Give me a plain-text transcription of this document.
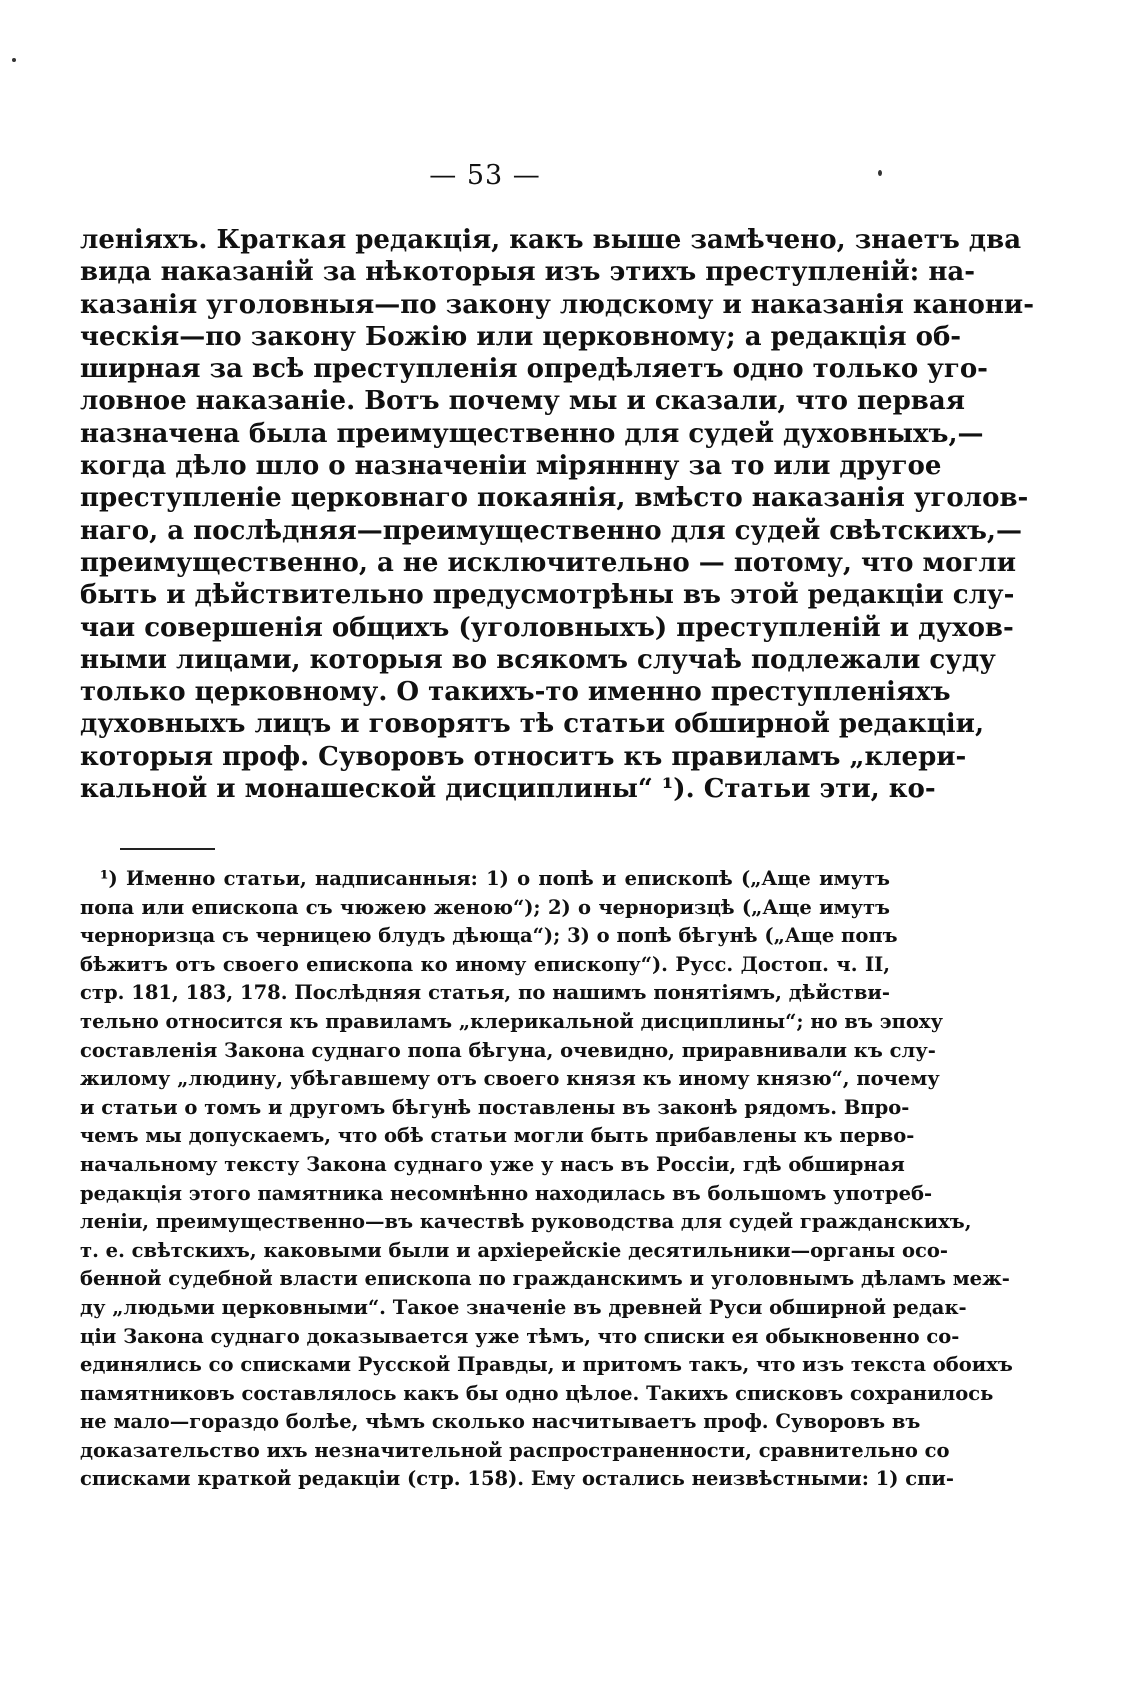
— 53 —
леніяхъ. Краткая редакція, какъ выше замѣчено, знаетъ два
вида наказаній за нѣкоторыя изъ этихъ преступленій: на-
казанія уголовныя—по закону людскому и наказанія канони-
ческія—по закону Божію или церковному; а редакція об-
ширная за всѣ преступленія опредѣляетъ одно только уго-
ловное наказаніе. Вотъ почему мы и сказали, что первая
назначена была преимущественно для судей духовныхъ,—
когда дѣло шло о назначеніи міряннну за то или другое
преступленіе церковнаго покаянія, вмѣсто наказанія уголов-
наго, а послѣдняя—преимущественно для судей свѣтскихъ,—
преимущественно, а не исключительно — потому, что могли
быть и дѣйствительно предусмотрѣны въ этой редакціи слу-
чаи совершенія общихъ (уголовныхъ) преступленій и духов-
ными лицами, которыя во всякомъ случаѣ подлежали суду
только церковному. О такихъ-то именно преступленіяхъ
духовныхъ лицъ и говорятъ тѣ статьи обширной редакціи,
которыя проф. Суворовъ относитъ къ правиламъ „клери-
кальной и монашеской дисциплины“ ¹). Статьи эти, ко-
¹) Именно статьи, надписанныя: 1) о попѣ и епископѣ („Аще имутъ
попа или епископа съ чюжею женою“); 2) о черноризцѣ („Аще имутъ
черноризца съ черницею блудъ дѣюща“); 3) о попѣ бѣгунѣ („Аще попъ
бѣжитъ отъ своего епископа ко иному епископу“). Русс. Достоп. ч. II,
стр. 181, 183, 178. Послѣдняя статья, по нашимъ понятіямъ, дѣйстви-
тельно относится къ правиламъ „клерикальной дисциплины“; но въ эпоху
составленія Закона суднаго попа бѣгуна, очевидно, приравнивали къ слу-
жилому „людину, убѣгавшему отъ своего князя къ иному князю“, почему
и статьи о томъ и другомъ бѣгунѣ поставлены въ законѣ рядомъ. Впро-
чемъ мы допускаемъ, что обѣ статьи могли быть прибавлены къ перво-
начальному тексту Закона суднаго уже у насъ въ Россіи, гдѣ обширная
редакція этого памятника несомнѣнно находилась въ большомъ употреб-
леніи, преимущественно—въ качествѣ руководства для судей гражданскихъ,
т. е. свѣтскихъ, каковыми были и архіерейскіе десятильники—органы осо-
бенной судебной власти епископа по гражданскимъ и уголовнымъ дѣламъ меж-
ду „людьми церковными“. Такое значеніе въ древней Руси обширной редак-
ціи Закона суднаго доказывается уже тѣмъ, что списки ея обыкновенно со-
единялись со списками Русской Правды, и притомъ такъ, что изъ текста обоихъ
памятниковъ составлялось какъ бы одно цѣлое. Такихъ списковъ сохранилось
не мало—гораздо болѣе, чѣмъ сколько насчитываетъ проф. Суворовъ въ
доказательство ихъ незначительной распространенности, сравнительно со
списками краткой редакціи (стр. 158). Ему остались неизвѣстными: 1) спи-
